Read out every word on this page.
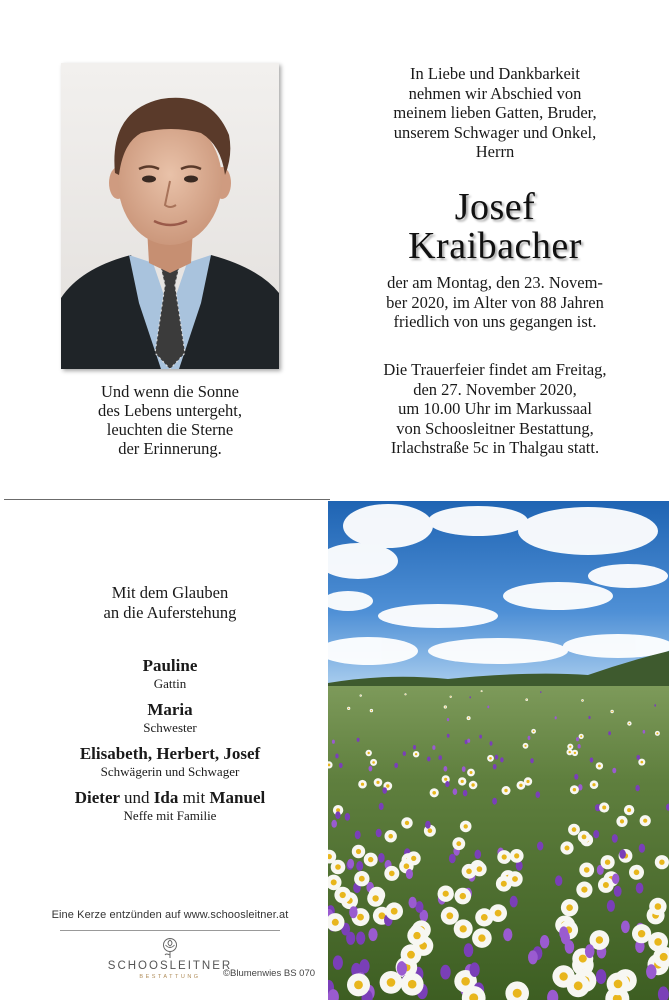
Und wenn die Sonne
des Lebens untergeht,
leuchten die Sterne
der Erinnerung.
In Liebe und Dankbarkeit
nehmen wir Abschied von
meinem lieben Gatten, Bruder,
unserem Schwager und Onkel,
Herrn
Josef
Kraibacher
der am Montag, den 23. Novem-
ber 2020, im Alter von 88 Jahren
friedlich von uns gegangen ist.
Die Trauerfeier findet am Freitag,
den 27. November 2020,
um 10.00 Uhr im Markussaal
von Schoosleitner Bestattung,
Irlachstraße 5c in Thalgau statt.
Mit dem Glauben
an die Auferstehung
Pauline
Gattin
Maria
Schwester
Elisabeth, Herbert, Josef
Schwägerin und Schwager
Dieter und Ida mit Manuel
Neffe mit Familie
Eine Kerze entzünden auf www.schoosleitner.at
SCHOOSLEITNER
BESTATTUNG	©Blumenwies BS 070
